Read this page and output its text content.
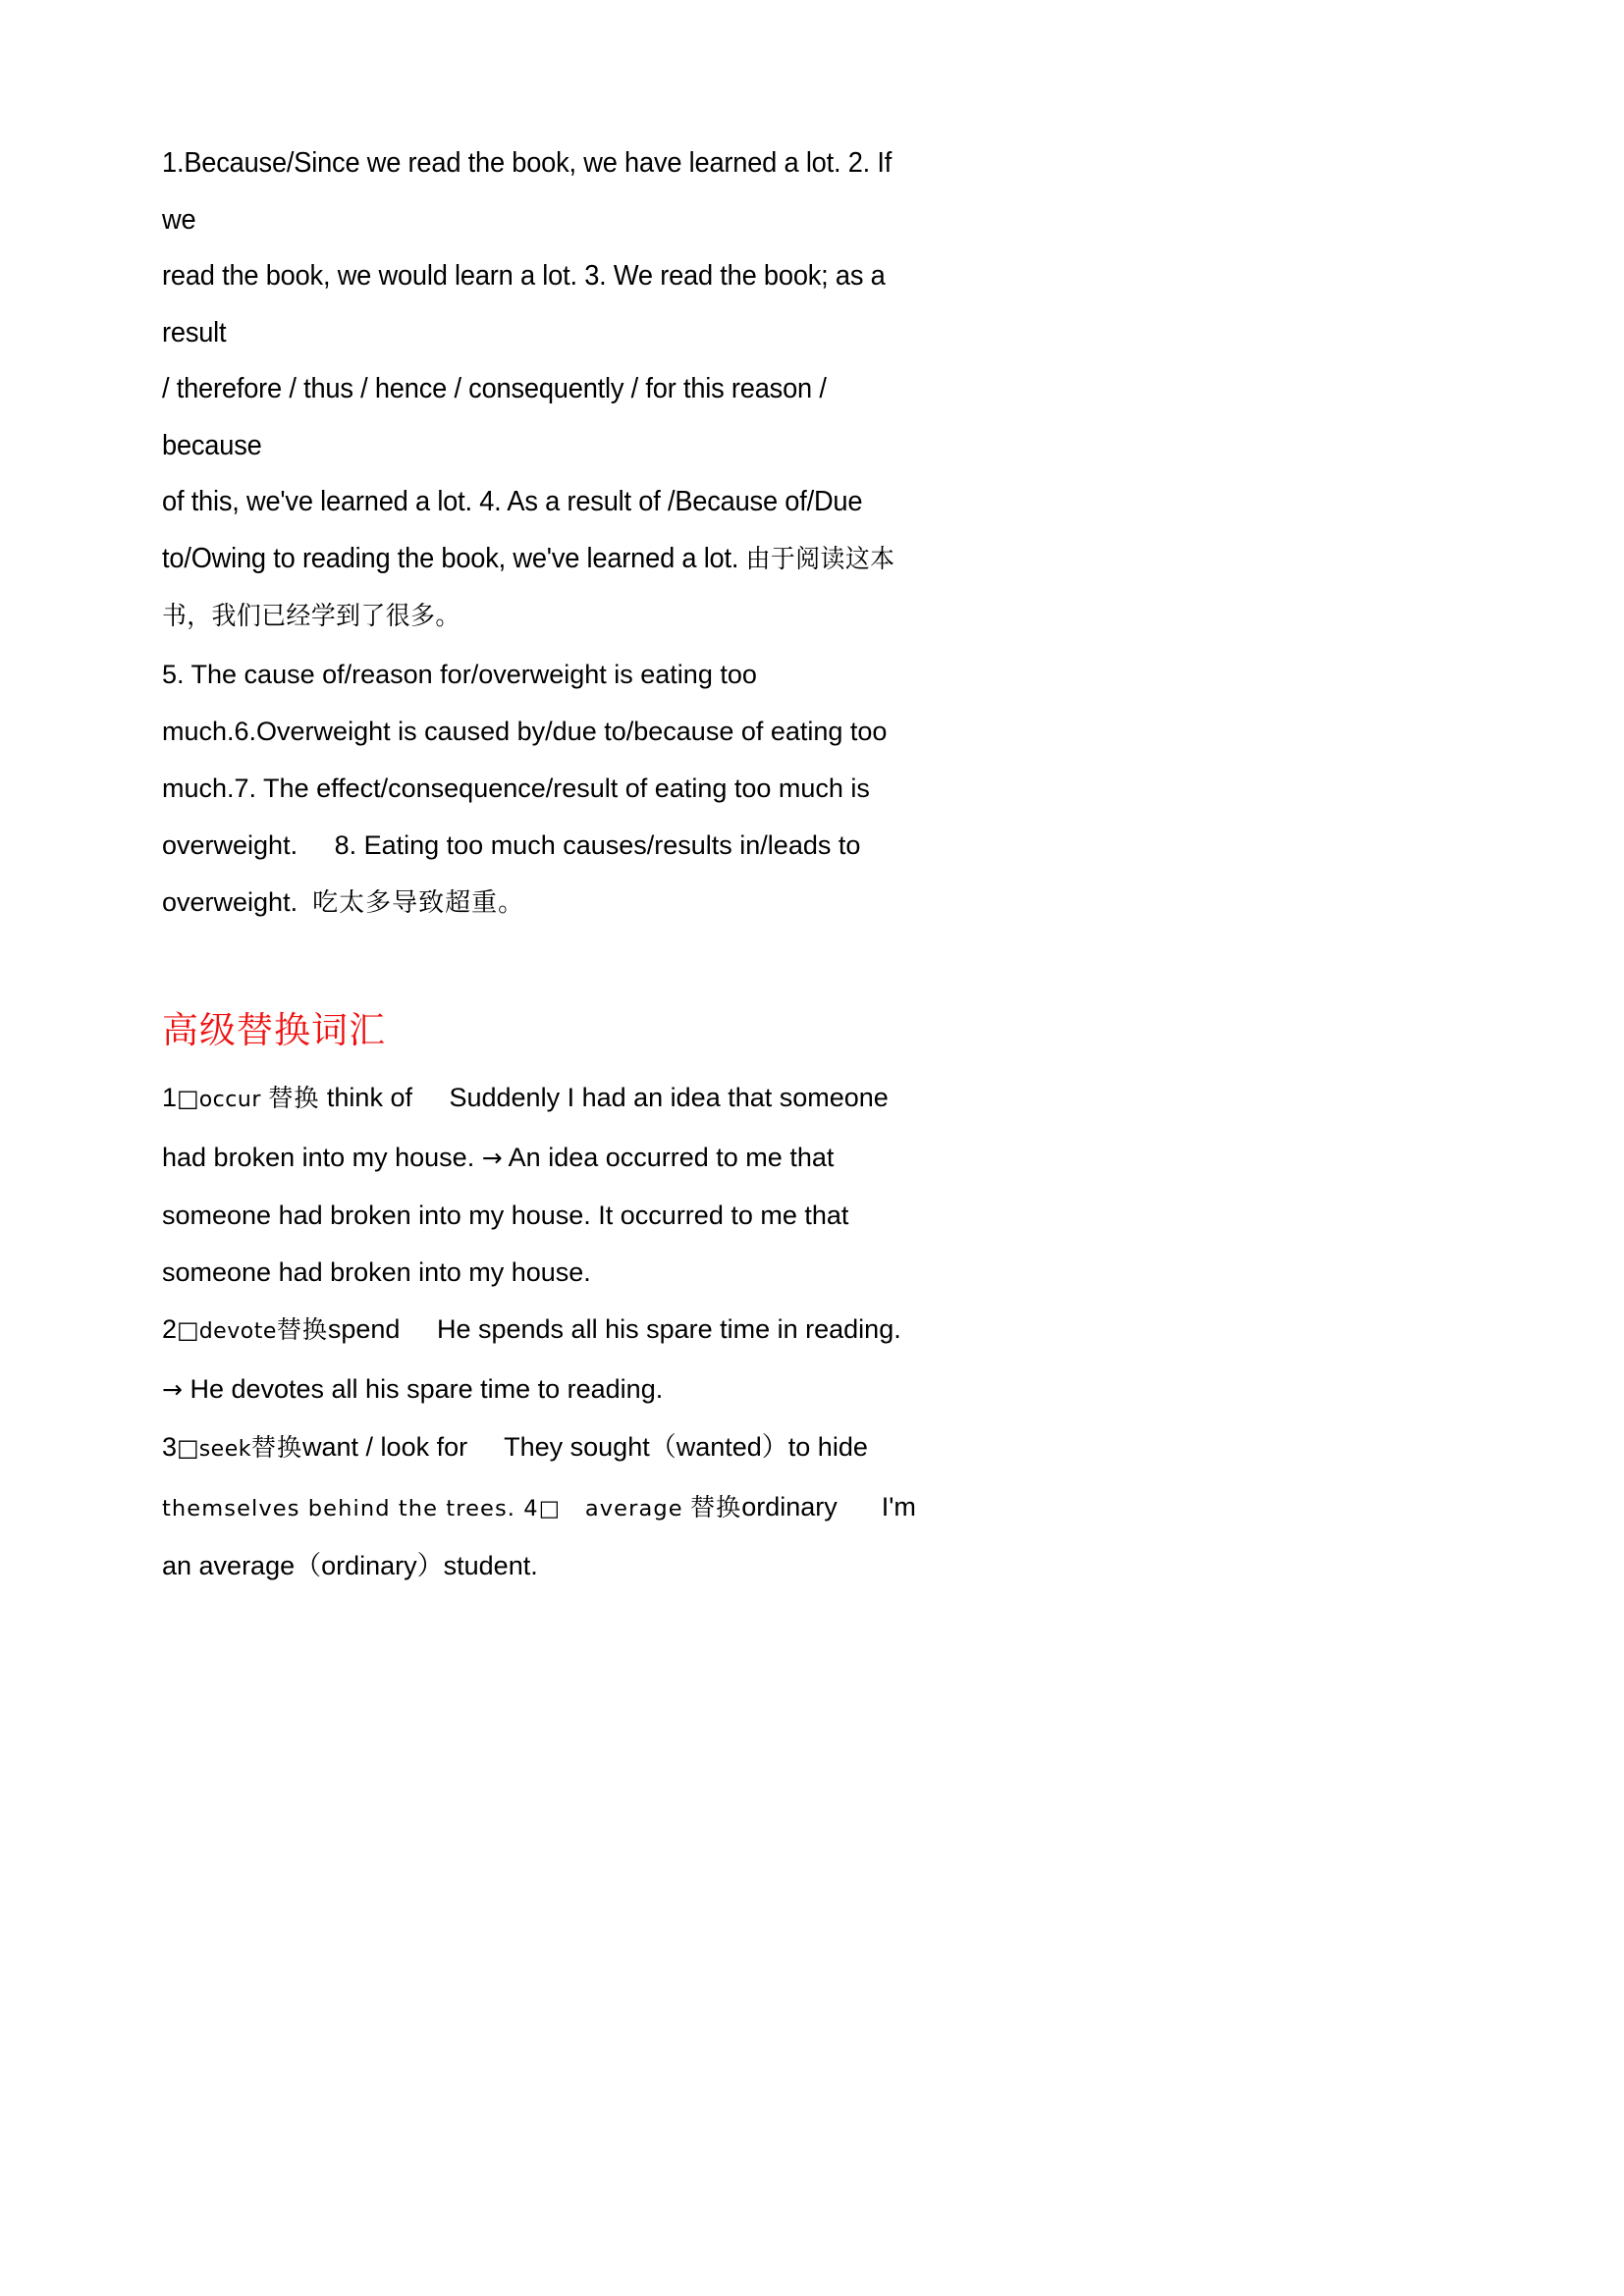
1.Because/Since we read the book, we have learned a lot. 2. If we
read the book, we would learn a lot. 3. We read the book; as a result
/ therefore / thus / hence / consequently / for this reason / because
of this, we've learned a lot. 4. As a result of /Because of/Due
to/Owing to reading the book, we've learned a lot. 由于阅读这本
书，我们已经学到了很多。

5. The cause of/reason for/overweight is eating too
much.6.Overweight is caused by/due to/because of eating too
much.7. The effect/consequence/result of eating too much is
overweight.     8. Eating too much causes/results in/leads to
overweight.  吃太多导致超重。

高级替换词汇

1□occur 替换 think of Suddenly I had an idea that someone
had broken into my house. → An idea occurred to me that
someone had broken into my house. It occurred to me that
someone had broken into my house.

2□devote替换spend He spends all his spare time in reading.
→ He devotes all his spare time to reading.

3□seek替换want / look for They sought（wanted）to hide
themselves behind the trees. 4□ average 替换ordinary I'm
an average（ordinary）student.
